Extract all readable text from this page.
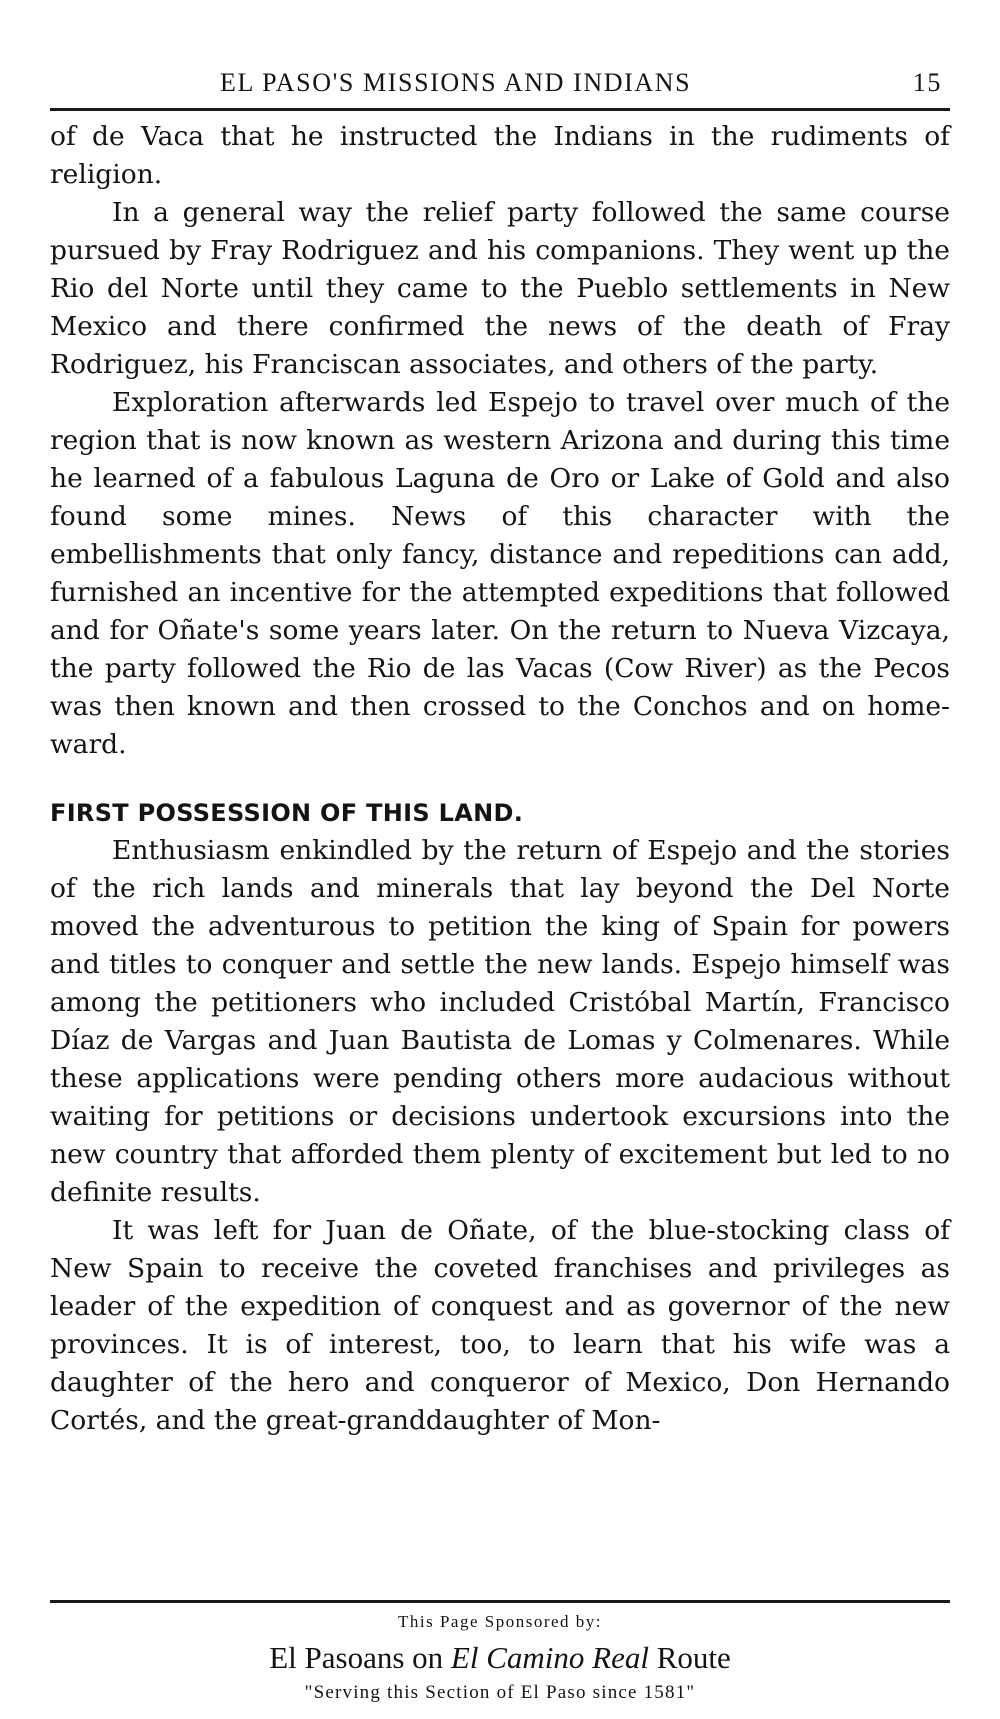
EL PASO'S MISSIONS AND INDIANS	15

of de Vaca that he instructed the Indians in the rudiments of religion.

In a general way the relief party followed the same course pursued by Fray Rodriguez and his companions. They went up the Rio del Norte until they came to the Pueblo settlements in New Mexico and there confirmed the news of the death of Fray Rodriguez, his Franciscan associates, and others of the party.

Exploration afterwards led Espejo to travel over much of the region that is now known as western Arizona and during this time he learned of a fabulous Laguna de Oro or Lake of Gold and also found some mines. News of this character with the embellishments that only fancy, distance and repeditions can add, furnished an incentive for the attempted expeditions that followed and for Oñate's some years later. On the return to Nueva Vizcaya, the party followed the Rio de las Vacas (Cow River) as the Pecos was then known and then crossed to the Conchos and on homeward.

FIRST POSSESSION OF THIS LAND.

Enthusiasm enkindled by the return of Espejo and the stories of the rich lands and minerals that lay beyond the Del Norte moved the adventurous to petition the king of Spain for powers and titles to conquer and settle the new lands. Espejo himself was among the petitioners who included Cristóbal Martín, Francisco Díaz de Vargas and Juan Bautista de Lomas y Colmenares. While these applications were pending others more audacious without waiting for petitions or decisions undertook excursions into the new country that afforded them plenty of excitement but led to no definite results.

It was left for Juan de Oñate, of the blue-stocking class of New Spain to receive the coveted franchises and privileges as leader of the expedition of conquest and as governor of the new provinces. It is of interest, too, to learn that his wife was a daughter of the hero and conqueror of Mexico, Don Hernando Cortés, and the great-granddaughter of Mon-

This Page Sponsored by:
El Pasoans on El Camino Real Route
"Serving this Section of El Paso since 1581"
